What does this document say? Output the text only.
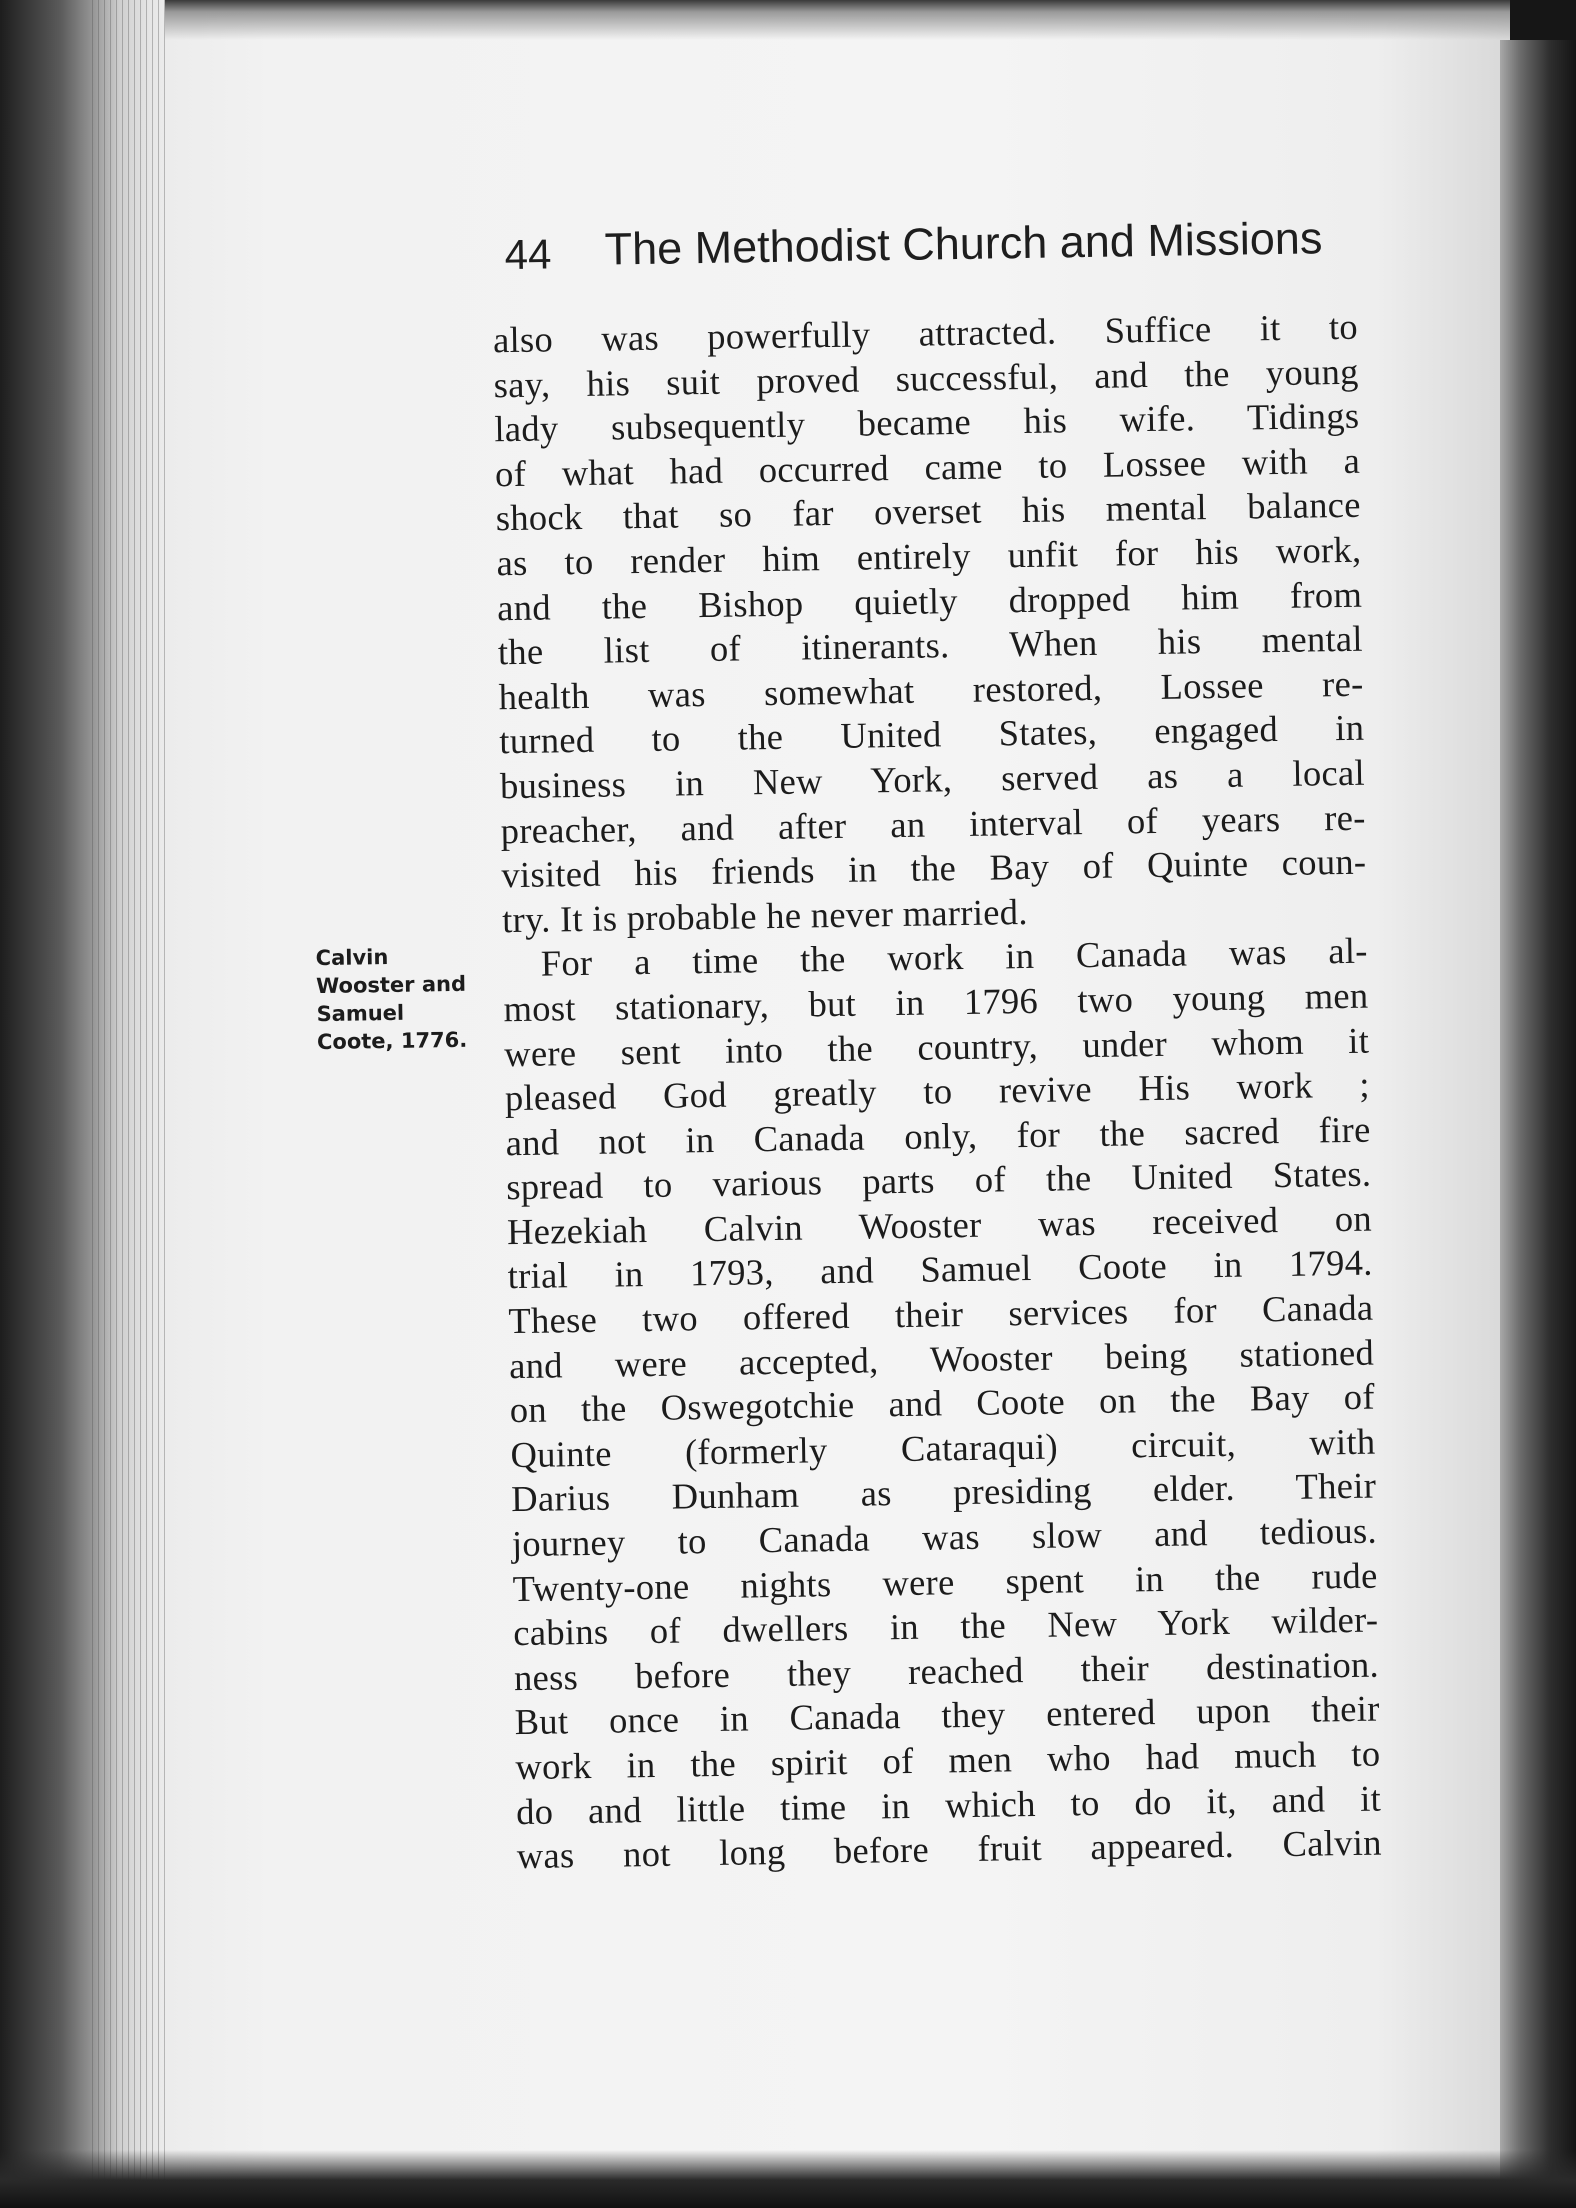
44 The Methodist Church and Missions
Calvin
Wooster and
Samuel
Coote, 1776.
also was powerfully attracted. Suffice it to
say, his suit proved successful, and the young
lady subsequently became his wife. Tidings
of what had occurred came to Lossee with a
shock that so far overset his mental balance
as to render him entirely unfit for his work,
and the Bishop quietly dropped him from
the list of itinerants. When his mental
health was somewhat restored, Lossee re-
turned to the United States, engaged in
business in New York, served as a local
preacher, and after an interval of years re-
visited his friends in the Bay of Quinte coun-
try. It is probable he never married.
For a time the work in Canada was al-
most stationary, but in 1796 two young men
were sent into the country, under whom it
pleased God greatly to revive His work ;
and not in Canada only, for the sacred fire
spread to various parts of the United States.
Hezekiah Calvin Wooster was received on
trial in 1793, and Samuel Coote in 1794.
These two offered their services for Canada
and were accepted, Wooster being stationed
on the Oswegotchie and Coote on the Bay of
Quinte (formerly Cataraqui) circuit, with
Darius Dunham as presiding elder. Their
journey to Canada was slow and tedious.
Twenty-one nights were spent in the rude
cabins of dwellers in the New York wilder-
ness before they reached their destination.
But once in Canada they entered upon their
work in the spirit of men who had much to
do and little time in which to do it, and it
was not long before fruit appeared. Calvin
